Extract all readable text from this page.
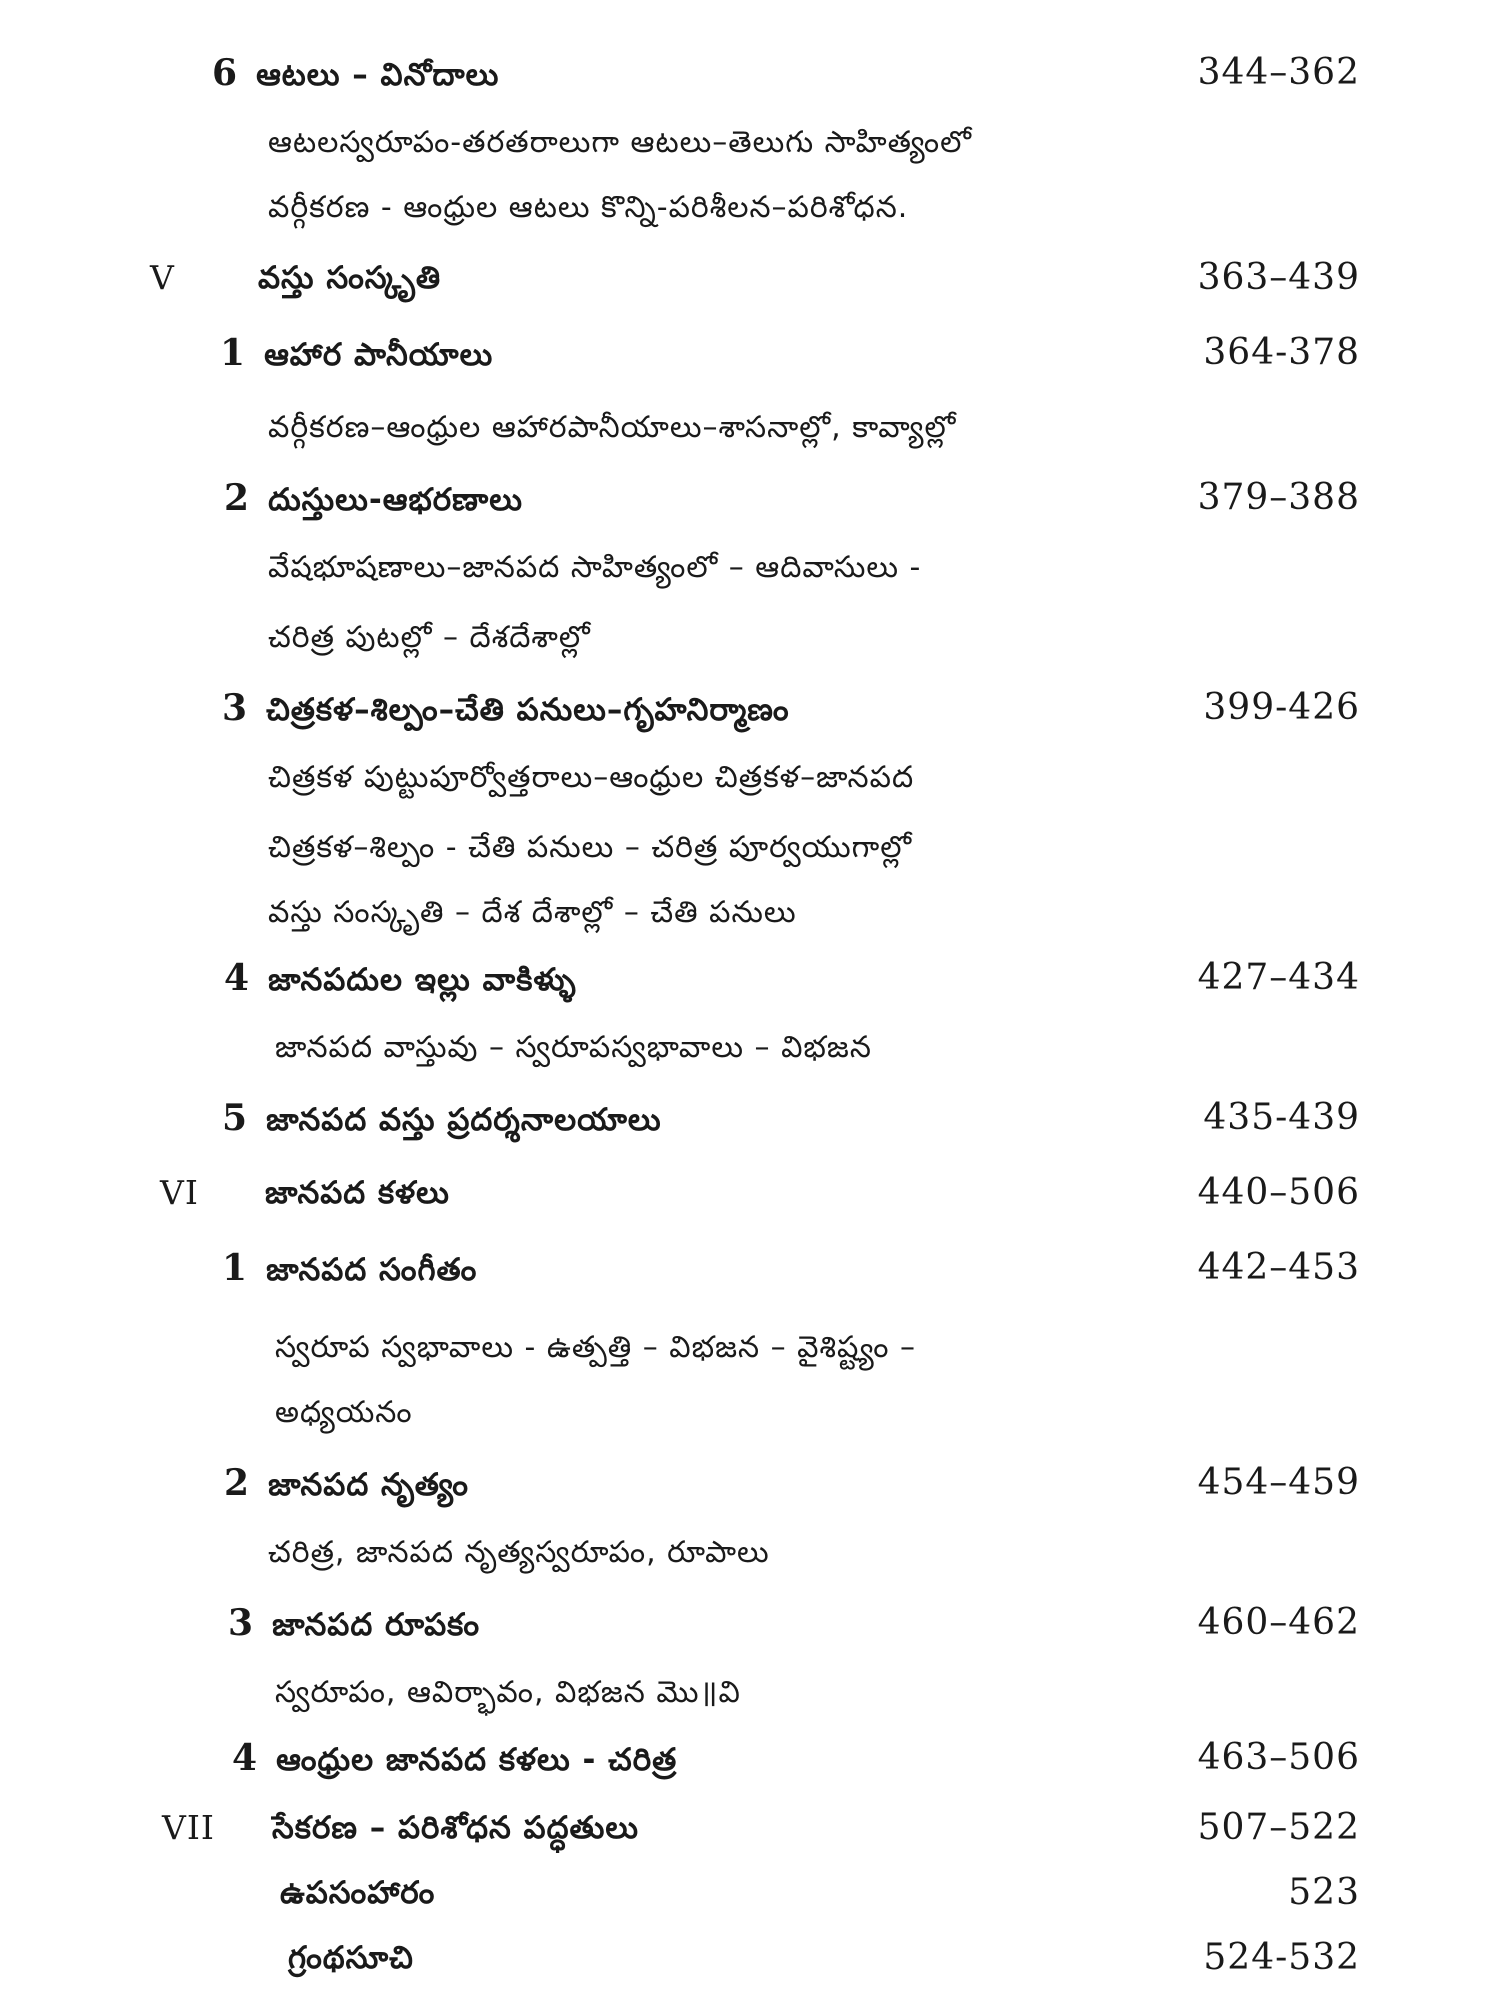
6 ఆటలు – వినోదాలు	344–362
ఆటలస్వరూపం-తరతరాలుగా ఆటలు–తెలుగు సాహిత్యంలో
వర్గీకరణ - ఆంధ్రుల ఆటలు కొన్ని-పరిశీలన–పరిశోధన.
V	వస్తు సంస్కృతి	363–439
1 ఆహార పానీయాలు	364-378
వర్గీకరణ–ఆంధ్రుల ఆహారపానీయాలు–శాసనాల్లో, కావ్యాల్లో
2 దుస్తులు-ఆభరణాలు	379–388
వేషభూషణాలు–జానపద సాహిత్యంలో – ఆదివాసులు -
చరిత్ర పుటల్లో – దేశదేశాల్లో
3 చిత్రకళ–శిల్పం–చేతి పనులు–గృహనిర్మాణం	399-426
చిత్రకళ పుట్టుపూర్వోత్తరాలు–ఆంధ్రుల చిత్రకళ–జానపద
చిత్రకళ–శిల్పం - చేతి పనులు – చరిత్ర పూర్వయుగాల్లో
వస్తు సంస్కృతి – దేశ దేశాల్లో – చేతి పనులు
4 జానపదుల ఇల్లు వాకిళ్ళు	427–434
జానపద వాస్తువు – స్వరూపస్వభావాలు – విభజన
5 జానపద వస్తు ప్రదర్శనాలయాలు	435-439
VI జానపద కళలు	440–506
1 జానపద సంగీతం	442–453
స్వరూప స్వభావాలు - ఉత్పత్తి – విభజన – వైశిష్ట్యం –
అధ్యయనం
2 జానపద నృత్యం	454–459
చరిత్ర, జానపద నృత్యస్వరూపం, రూపాలు
3 జానపద రూపకం	460–462
స్వరూపం, ఆవిర్భావం, విభజన మొ॥వి
4 ఆంధ్రుల జానపద కళలు - చరిత్ర	463–506
VII సేకరణ – పరిశోధన పద్ధతులు	507–522
ఉపసంహారం	523
గ్రంథసూచి	524-532
